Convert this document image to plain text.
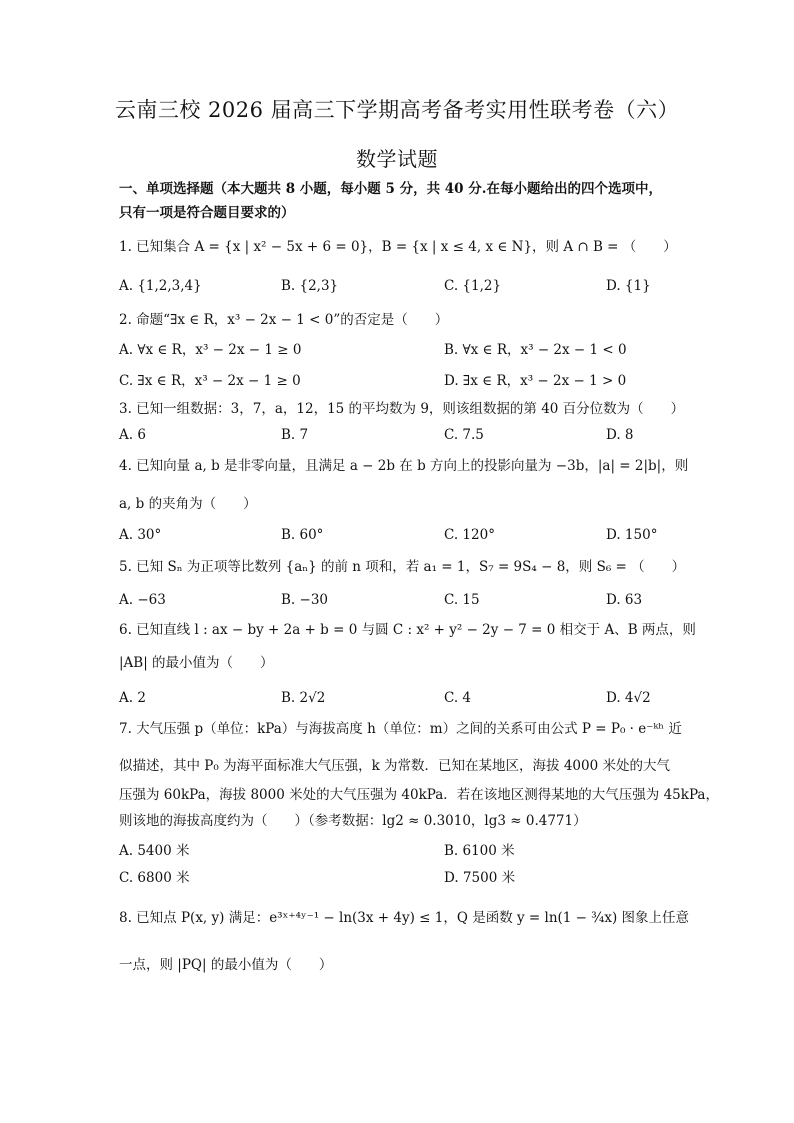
云南三校 2026 届高三下学期高考备考实用性联考卷（六）
数学试题
一、单项选择题（本大题共 8 小题，每小题 5 分，共 40 分.在每小题给出的四个选项中，
只有一项是符合题目要求的）
1. 已知集合 A = {x | x² − 5x + 6 = 0}，B = {x | x ≤ 4, x ∈ N}，则 A ∩ B = （　　）
A. {1,2,3,4}	B. {2,3}	C. {1,2}	D. {1}
2. 命题“∃x ∈ R，x³ − 2x − 1 < 0”的否定是（　　）
A. ∀x ∈ R，x³ − 2x − 1 ≥ 0	B. ∀x ∈ R，x³ − 2x − 1 < 0
C. ∃x ∈ R，x³ − 2x − 1 ≥ 0	D. ∃x ∈ R，x³ − 2x − 1 > 0
3. 已知一组数据：3，7，a，12，15 的平均数为 9，则该组数据的第 40 百分位数为（　　）
A. 6	B. 7	C. 7.5	D. 8
4. 已知向量 a, b 是非零向量，且满足 a − 2b 在 b 方向上的投影向量为 −3b，|a| = 2|b|，则
a, b 的夹角为（　　）
A. 30°	B. 60°	C. 120°	D. 150°
5. 已知 Sₙ 为正项等比数列 {aₙ} 的前 n 项和，若 a₁ = 1，S₇ = 9S₄ − 8，则 S₆ = （　　）
A. −63	B. −30	C. 15	D. 63
6. 已知直线 l : ax − by + 2a + b = 0 与圆 C : x² + y² − 2y − 7 = 0 相交于 A、B 两点，则
|AB| 的最小值为（　　）
A. 2	B. 2√2	C. 4	D. 4√2
7. 大气压强 p（单位：kPa）与海拔高度 h（单位：m）之间的关系可由公式 P = P₀ · e⁻ᵏʰ 近
似描述，其中 P₀ 为海平面标准大气压强，k 为常数．已知在某地区，海拔 4000 米处的大气
压强为 60kPa，海拔 8000 米处的大气压强为 40kPa．若在该地区测得某地的大气压强为 45kPa，
则该地的海拔高度约为（　　）（参考数据：lg2 ≈ 0.3010，lg3 ≈ 0.4771）
A. 5400 米	B. 6100 米
C. 6800 米	D. 7500 米
8. 已知点 P(x, y) 满足：e³ˣ⁺⁴ʸ⁻¹ − ln(3x + 4y) ≤ 1，Q 是函数 y = ln(1 − ¾x) 图象上任意
一点，则 |PQ| 的最小值为（　　）
